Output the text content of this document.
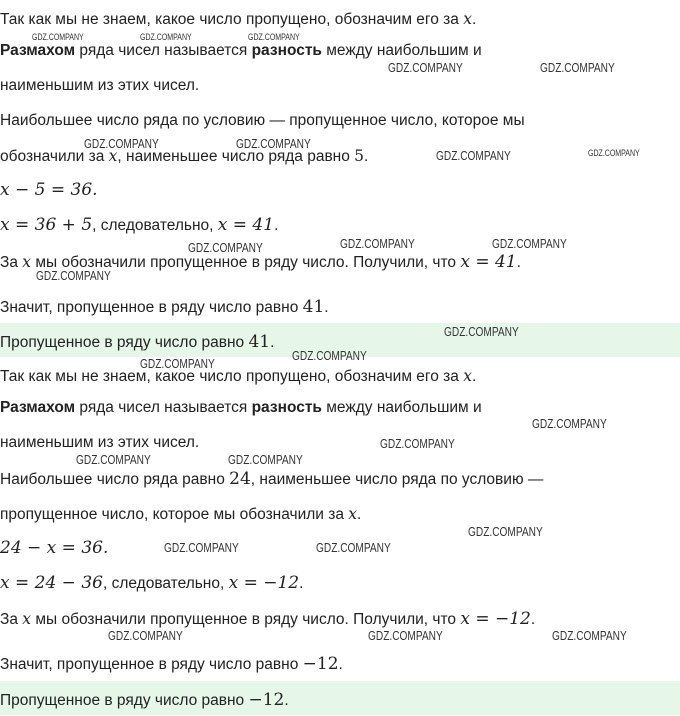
Так как мы не знаем, какое число пропущено, обозначим его за x.
Размахом ряда чисел называется разность между наибольшим и
наименьшим из этих чисел.
Наибольшее число ряда по условию — пропущенное число, которое мы
обозначили за x, наименьшее число ряда равно 5.
x − 5 = 36.
x = 36 + 5, следовательно, x = 41.
За x мы обозначили пропущенное в ряду число. Получили, что x = 41.
Значит, пропущенное в ряду число равно 41.
Пропущенное в ряду число равно 41.
Так как мы не знаем, какое число пропущено, обозначим его за x.
Размахом ряда чисел называется разность между наибольшим и
наименьшим из этих чисел.
Наибольшее число ряда равно 24, наименьшее число ряда по условию —
пропущенное число, которое мы обозначили за x.
24 − x = 36.
x = 24 − 36, следовательно, x = −12.
За x мы обозначили пропущенное в ряду число. Получили, что x = −12.
Значит, пропущенное в ряду число равно −12.
Пропущенное в ряду число равно −12.
GDZ.COMPANY	GDZ.COMPANY	GDZ.COMPANY
GDZ.COMPANY	GDZ.COMPANY
GDZ.COMPANY	GDZ.COMPANY
GDZ.COMPANY	GDZ.COMPANY
GDZ.COMPANY	GDZ.COMPANY	GDZ.COMPANY
GDZ.COMPANY
GDZ.COMPANY
GDZ.COMPANY
GDZ.COMPANY
GDZ.COMPANY
GDZ.COMPANY
GDZ.COMPANY	GDZ.COMPANY
GDZ.COMPANY
GDZ.COMPANY	GDZ.COMPANY
GDZ.COMPANY	GDZ.COMPANY	GDZ.COMPANY
